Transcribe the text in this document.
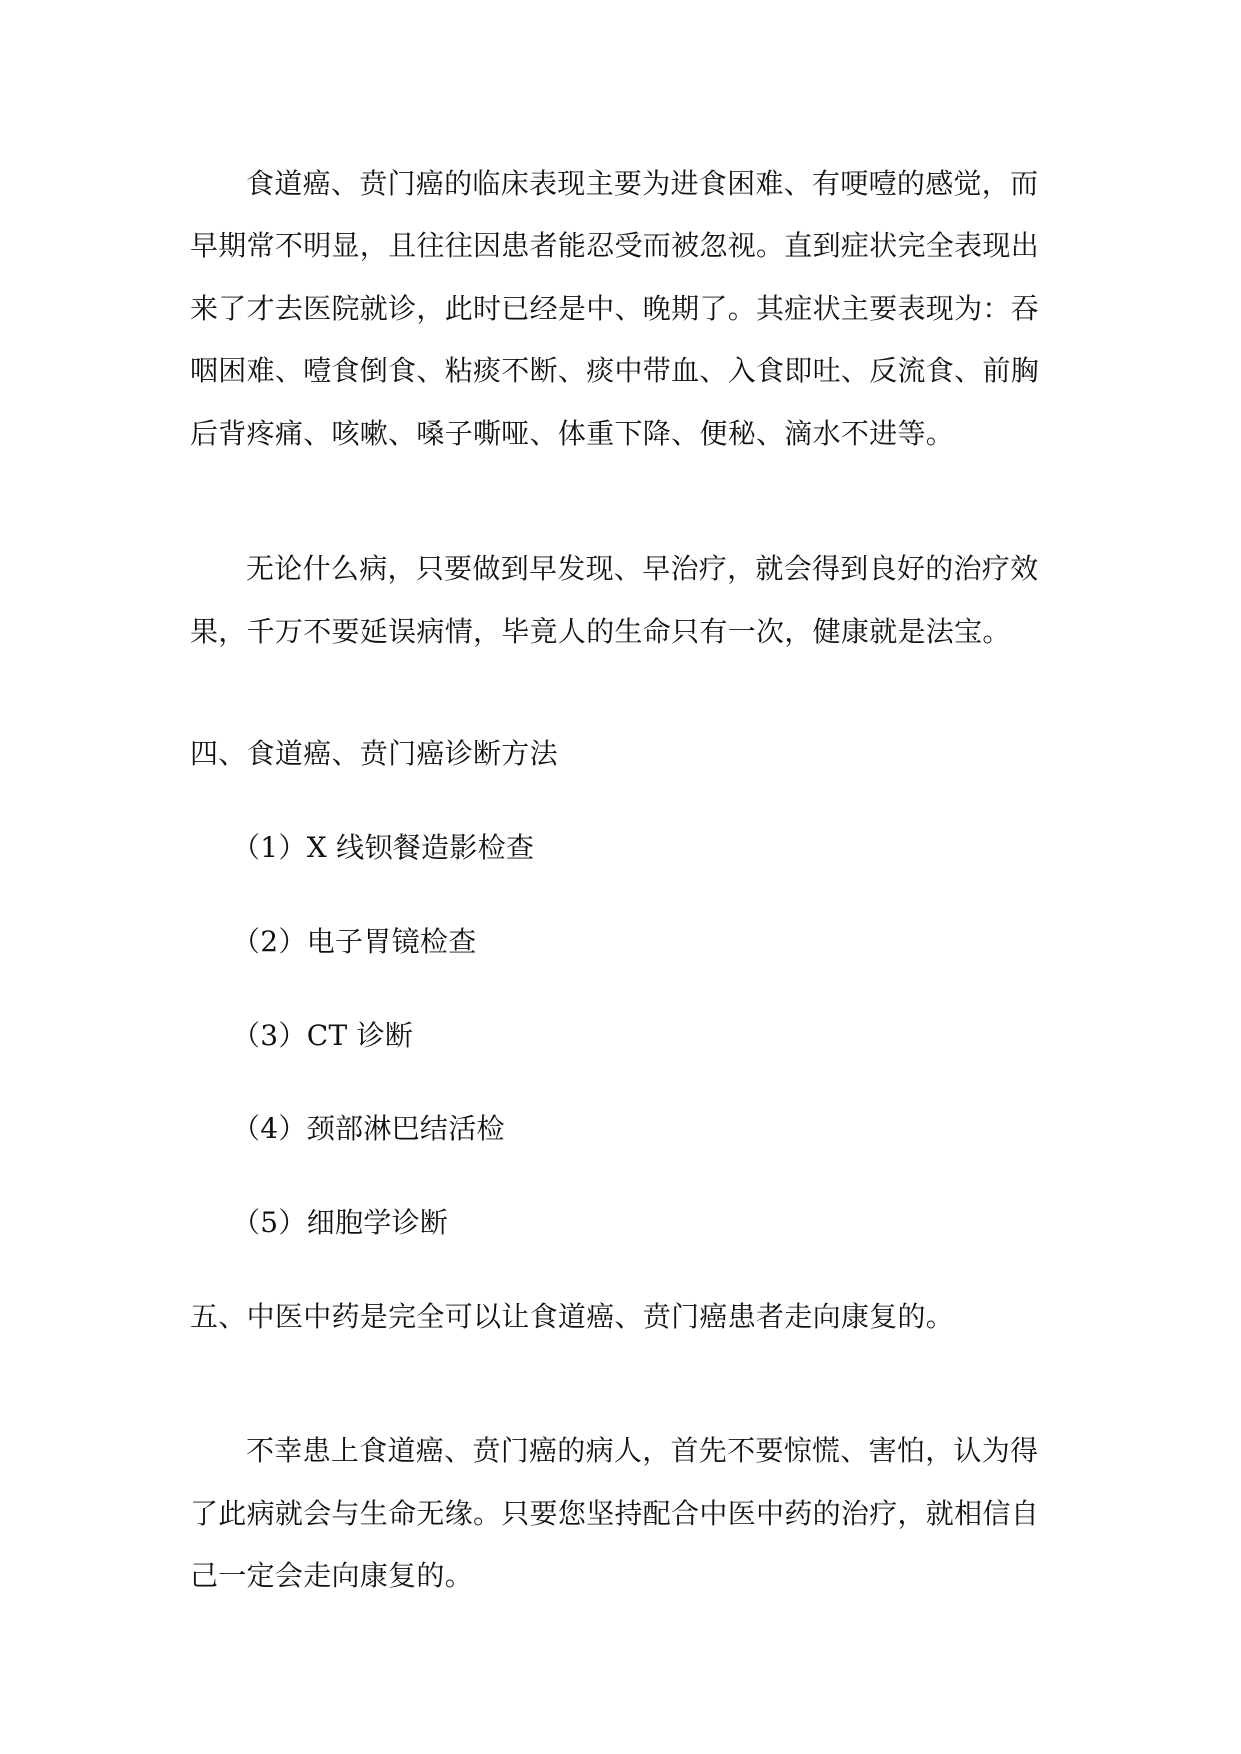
食道癌、贲门癌的临床表现主要为进食困难、有哽噎的感觉，而
早期常不明显，且往往因患者能忍受而被忽视。直到症状完全表现出
来了才去医院就诊，此时已经是中、晚期了。其症状主要表现为：吞
咽困难、噎食倒食、粘痰不断、痰中带血、入食即吐、反流食、前胸
后背疼痛、咳嗽、嗓子嘶哑、体重下降、便秘、滴水不进等。
无论什么病，只要做到早发现、早治疗，就会得到良好的治疗效
果，千万不要延误病情，毕竟人的生命只有一次，健康就是法宝。
四、食道癌、贲门癌诊断方法
（1）X 线钡餐造影检查
（2）电子胃镜检查
（3）CT 诊断
（4）颈部淋巴结活检
（5）细胞学诊断
五、中医中药是完全可以让食道癌、贲门癌患者走向康复的。
不幸患上食道癌、贲门癌的病人，首先不要惊慌、害怕，认为得
了此病就会与生命无缘。只要您坚持配合中医中药的治疗，就相信自
己一定会走向康复的。
